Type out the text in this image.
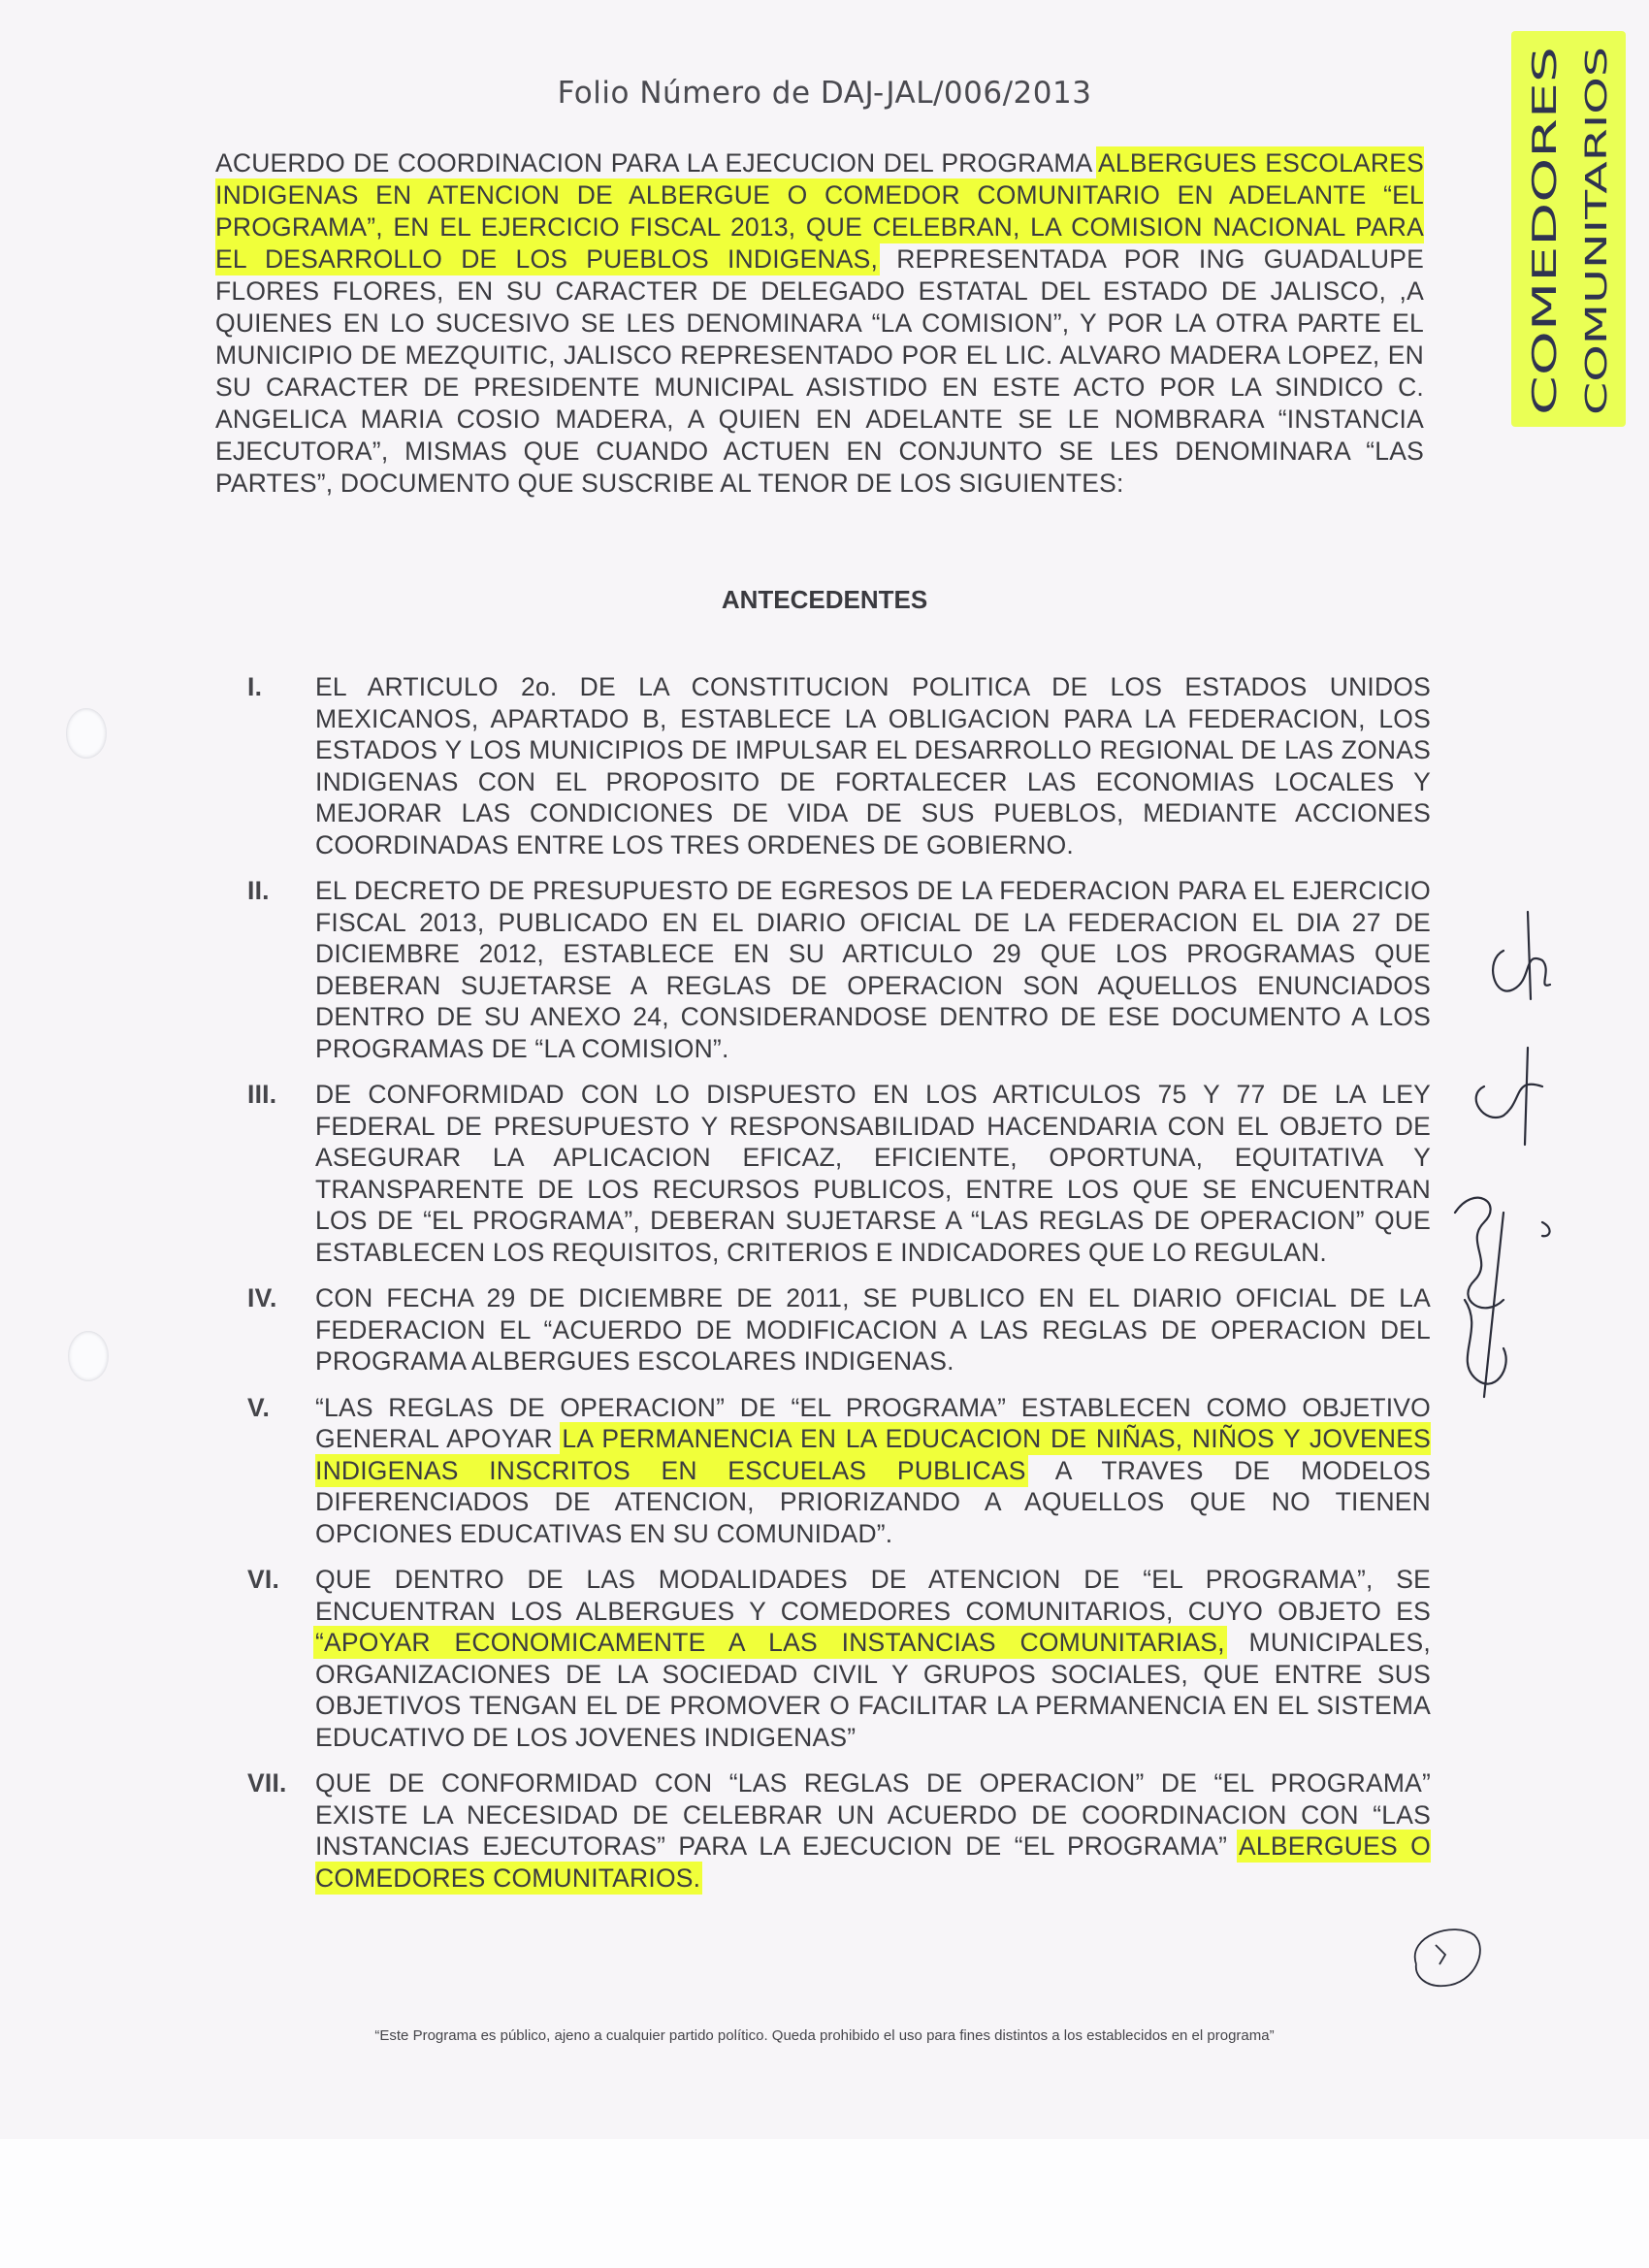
Folio Número de DAJ-JAL/006/2013

ACUERDO DE COORDINACION PARA LA EJECUCION DEL PROGRAMA ALBERGUES ESCOLARES INDIGENAS EN ATENCION DE ALBERGUE O COMEDOR COMUNITARIO EN ADELANTE “EL PROGRAMA”, EN EL EJERCICIO FISCAL 2013, QUE CELEBRAN, LA COMISION NACIONAL PARA EL DESARROLLO DE LOS PUEBLOS INDIGENAS, REPRESENTADA POR ING GUADALUPE FLORES FLORES, EN SU CARACTER DE DELEGADO ESTATAL DEL ESTADO DE JALISCO, ,A QUIENES EN LO SUCESIVO SE LES DENOMINARA “LA COMISION”, Y POR LA OTRA PARTE EL MUNICIPIO DE MEZQUITIC, JALISCO REPRESENTADO POR EL LIC. ALVARO MADERA LOPEZ, EN SU CARACTER DE PRESIDENTE MUNICIPAL ASISTIDO EN ESTE ACTO POR LA SINDICO C. ANGELICA MARIA COSIO MADERA, A QUIEN EN ADELANTE SE LE NOMBRARA “INSTANCIA EJECUTORA”, MISMAS QUE CUANDO ACTUEN EN CONJUNTO SE LES DENOMINARA “LAS PARTES”, DOCUMENTO QUE SUSCRIBE AL TENOR DE LOS SIGUIENTES:

ANTECEDENTES
I.	EL ARTICULO 2o. DE LA CONSTITUCION POLITICA DE LOS ESTADOS UNIDOS MEXICANOS, APARTADO B, ESTABLECE LA OBLIGACION PARA LA FEDERACION, LOS ESTADOS Y LOS MUNICIPIOS DE IMPULSAR EL DESARROLLO REGIONAL DE LAS ZONAS INDIGENAS CON EL PROPOSITO DE FORTALECER LAS ECONOMIAS LOCALES Y MEJORAR LAS CONDICIONES DE VIDA DE SUS PUEBLOS, MEDIANTE ACCIONES COORDINADAS ENTRE LOS TRES ORDENES DE GOBIERNO.

II.	EL DECRETO DE PRESUPUESTO DE EGRESOS DE LA FEDERACION PARA EL EJERCICIO FISCAL 2013, PUBLICADO EN EL DIARIO OFICIAL DE LA FEDERACION EL DIA 27 DE DICIEMBRE 2012, ESTABLECE EN SU ARTICULO 29 QUE LOS PROGRAMAS QUE DEBERAN SUJETARSE A REGLAS DE OPERACION SON AQUELLOS ENUNCIADOS DENTRO DE SU ANEXO 24, CONSIDERANDOSE DENTRO DE ESE DOCUMENTO A LOS PROGRAMAS DE “LA COMISION”.

III.	DE CONFORMIDAD CON LO DISPUESTO EN LOS ARTICULOS 75 Y 77 DE LA LEY FEDERAL DE PRESUPUESTO Y RESPONSABILIDAD HACENDARIA CON EL OBJETO DE ASEGURAR LA APLICACION EFICAZ, EFICIENTE, OPORTUNA, EQUITATIVA Y TRANSPARENTE DE LOS RECURSOS PUBLICOS, ENTRE LOS QUE SE ENCUENTRAN LOS DE “EL PROGRAMA”, DEBERAN SUJETARSE A “LAS REGLAS DE OPERACION” QUE ESTABLECEN LOS REQUISITOS, CRITERIOS E INDICADORES QUE LO REGULAN.

IV.	CON FECHA 29 DE DICIEMBRE DE 2011, SE PUBLICO EN EL DIARIO OFICIAL DE LA FEDERACION EL “ACUERDO DE MODIFICACION A LAS REGLAS DE OPERACION DEL PROGRAMA ALBERGUES ESCOLARES INDIGENAS.

V.	“LAS REGLAS DE OPERACION” DE “EL PROGRAMA” ESTABLECEN COMO OBJETIVO GENERAL APOYAR LA PERMANENCIA EN LA EDUCACION DE NIÑAS, NIÑOS Y JOVENES INDIGENAS INSCRITOS EN ESCUELAS PUBLICAS A TRAVES DE MODELOS DIFERENCIADOS DE ATENCION, PRIORIZANDO A AQUELLOS QUE NO TIENEN OPCIONES EDUCATIVAS EN SU COMUNIDAD”.

VI.	QUE DENTRO DE LAS MODALIDADES DE ATENCION DE “EL PROGRAMA”, SE ENCUENTRAN LOS ALBERGUES Y COMEDORES COMUNITARIOS, CUYO OBJETO ES “APOYAR ECONOMICAMENTE A LAS INSTANCIAS COMUNITARIAS, MUNICIPALES, ORGANIZACIONES DE LA SOCIEDAD CIVIL Y GRUPOS SOCIALES, QUE ENTRE SUS OBJETIVOS TENGAN EL DE PROMOVER O FACILITAR LA PERMANENCIA EN EL SISTEMA EDUCATIVO DE LOS JOVENES INDIGENAS”

VII.	QUE DE CONFORMIDAD CON “LAS REGLAS DE OPERACION” DE “EL PROGRAMA” EXISTE LA NECESIDAD DE CELEBRAR UN ACUERDO DE COORDINACION CON “LAS INSTANCIAS EJECUTORAS” PARA LA EJECUCION DE “EL PROGRAMA” ALBERGUES O COMEDORES COMUNITARIOS.

COMEDORES COMUNITARIOS
“Este Programa es público, ajeno a cualquier partido político. Queda prohibido el uso para fines distintos a los establecidos en el programa”
